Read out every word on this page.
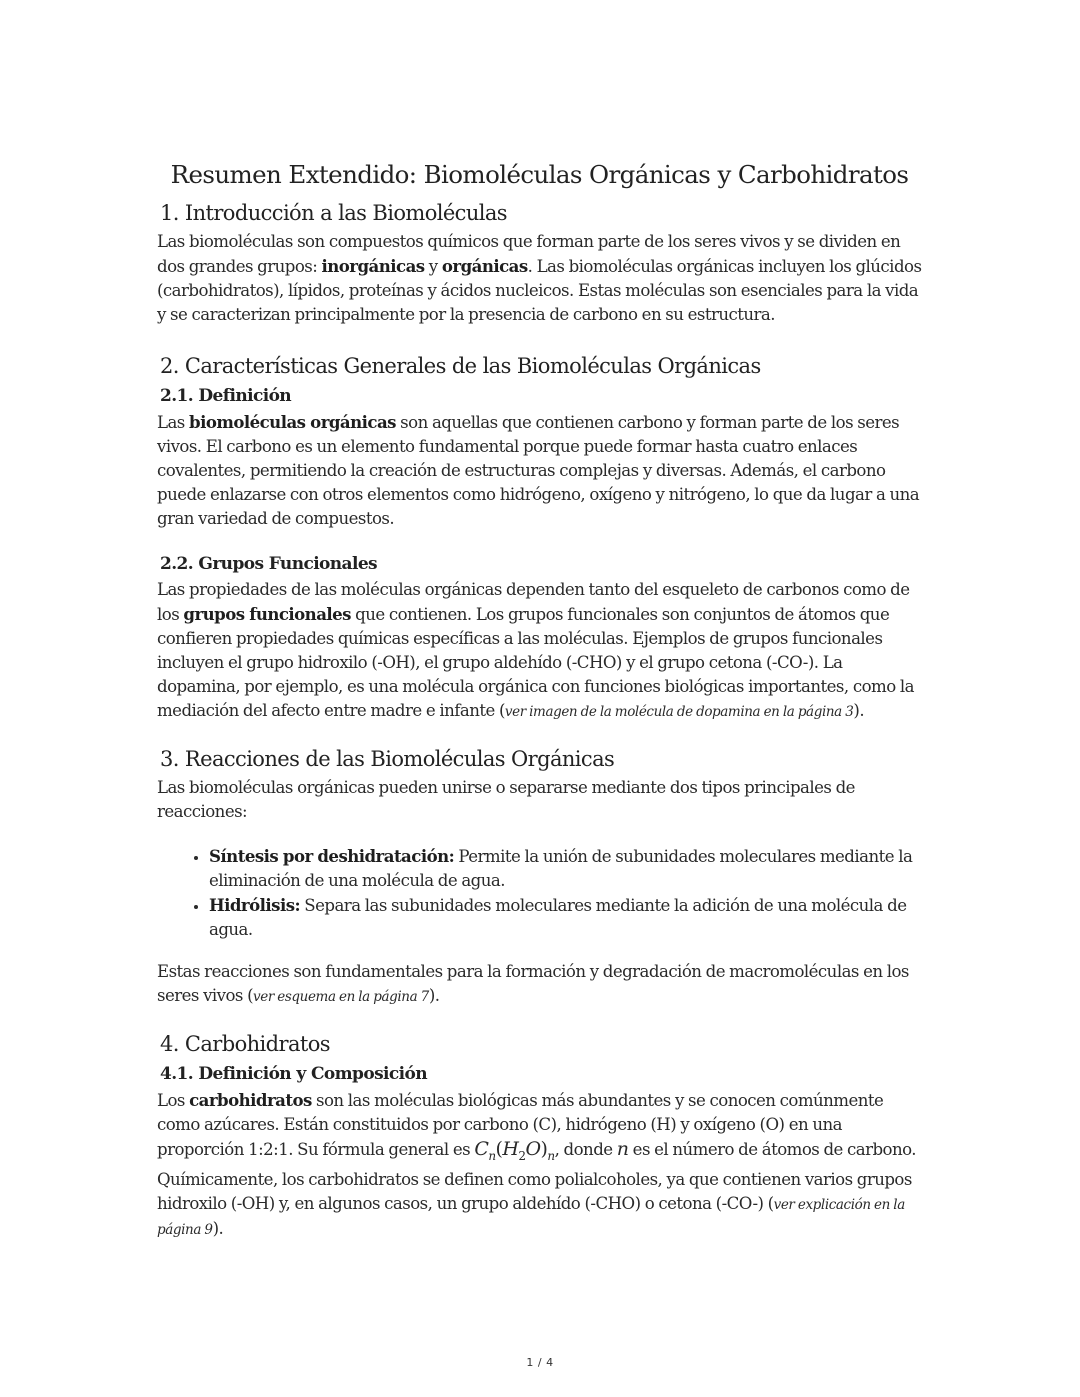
Resumen Extendido: Biomoléculas Orgánicas y Carbohidratos
1. Introducción a las Biomoléculas

Las biomoléculas son compuestos químicos que forman parte de los seres vivos y se dividen en dos grandes grupos: inorgánicas y orgánicas. Las biomoléculas orgánicas incluyen los glúcidos (carbohidratos), lípidos, proteínas y ácidos nucleicos. Estas moléculas son esenciales para la vida y se caracterizan principalmente por la presencia de carbono en su estructura.

2. Características Generales de las Biomoléculas Orgánicas
2.1. Definición

Las biomoléculas orgánicas son aquellas que contienen carbono y forman parte de los seres vivos. El carbono es un elemento fundamental porque puede formar hasta cuatro enlaces covalentes, permitiendo la creación de estructuras complejas y diversas. Además, el carbono puede enlazarse con otros elementos como hidrógeno, oxígeno y nitrógeno, lo que da lugar a una gran variedad de compuestos.

2.2. Grupos Funcionales

Las propiedades de las moléculas orgánicas dependen tanto del esqueleto de carbonos como de los grupos funcionales que contienen. Los grupos funcionales son conjuntos de átomos que confieren propiedades químicas específicas a las moléculas. Ejemplos de grupos funcionales incluyen el grupo hidroxilo (-OH), el grupo aldehído (-CHO) y el grupo cetona (-CO-). La dopamina, por ejemplo, es una molécula orgánica con funciones biológicas importantes, como la mediación del afecto entre madre e infante (ver imagen de la molécula de dopamina en la página 3).

3. Reacciones de las Biomoléculas Orgánicas

Las biomoléculas orgánicas pueden unirse o separarse mediante dos tipos principales de reacciones:

• Síntesis por deshidratación: Permite la unión de subunidades moleculares mediante la eliminación de una molécula de agua.
• Hidrólisis: Separa las subunidades moleculares mediante la adición de una molécula de agua.

Estas reacciones son fundamentales para la formación y degradación de macromoléculas en los seres vivos (ver esquema en la página 7).

4. Carbohidratos
4.1. Definición y Composición

Los carbohidratos son las moléculas biológicas más abundantes y se conocen comúnmente como azúcares. Están constituidos por carbono (C), hidrógeno (H) y oxígeno (O) en una proporción 1:2:1. Su fórmula general es $C_n(H_2O)_n$, donde n es el número de átomos de carbono. Químicamente, los carbohidratos se definen como polialcoholes, ya que contienen varios grupos hidroxilo (-OH) y, en algunos casos, un grupo aldehído (-CHO) o cetona (-CO-) (ver explicación en la página 9).

1 / 4
